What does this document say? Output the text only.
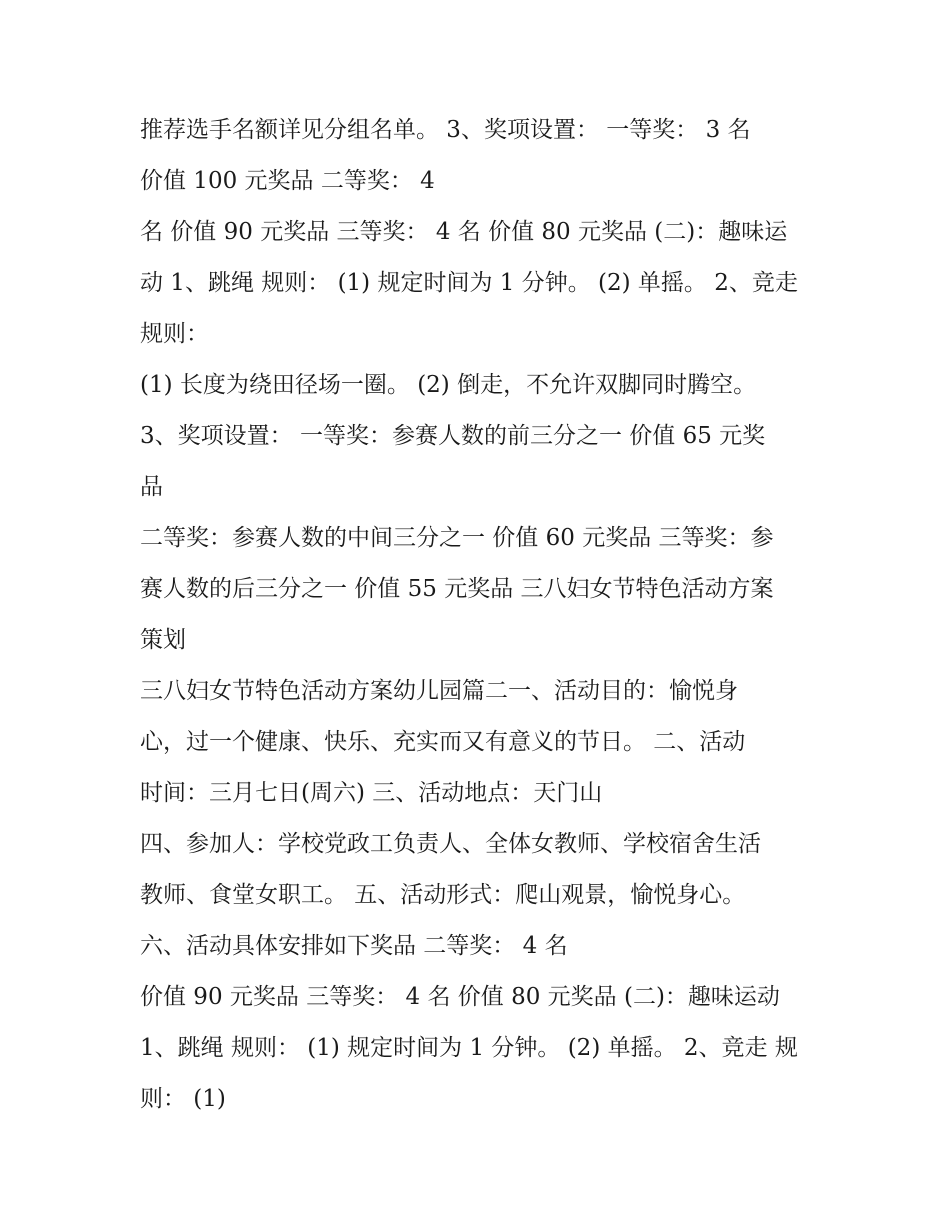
推荐选手名额详见分组名单。 3、奖项设置： 一等奖： 3 名
价值 100 元奖品 二等奖： 4
名 价值 90 元奖品 三等奖： 4 名 价值 80 元奖品 (二)：趣味运
动 1、跳绳 规则： (1) 规定时间为 1 分钟。 (2) 单摇。 2、竞走
规则：
(1) 长度为绕田径场一圈。 (2) 倒走，不允许双脚同时腾空。
3、奖项设置： 一等奖：参赛人数的前三分之一 价值 65 元奖
品
二等奖：参赛人数的中间三分之一 价值 60 元奖品 三等奖：参
赛人数的后三分之一 价值 55 元奖品 三八妇女节特色活动方案
策划
三八妇女节特色活动方案幼儿园篇二一、活动目的：愉悦身
心，过一个健康、快乐、充实而又有意义的节日。 二、活动
时间：三月七日(周六) 三、活动地点：天门山
四、参加人：学校党政工负责人、全体女教师、学校宿舍生活
教师、食堂女职工。 五、活动形式：爬山观景，愉悦身心。
六、活动具体安排如下奖品 二等奖： 4 名
价值 90 元奖品 三等奖： 4 名 价值 80 元奖品 (二)：趣味运动
1、跳绳 规则： (1) 规定时间为 1 分钟。 (2) 单摇。 2、竞走 规
则： (1)
